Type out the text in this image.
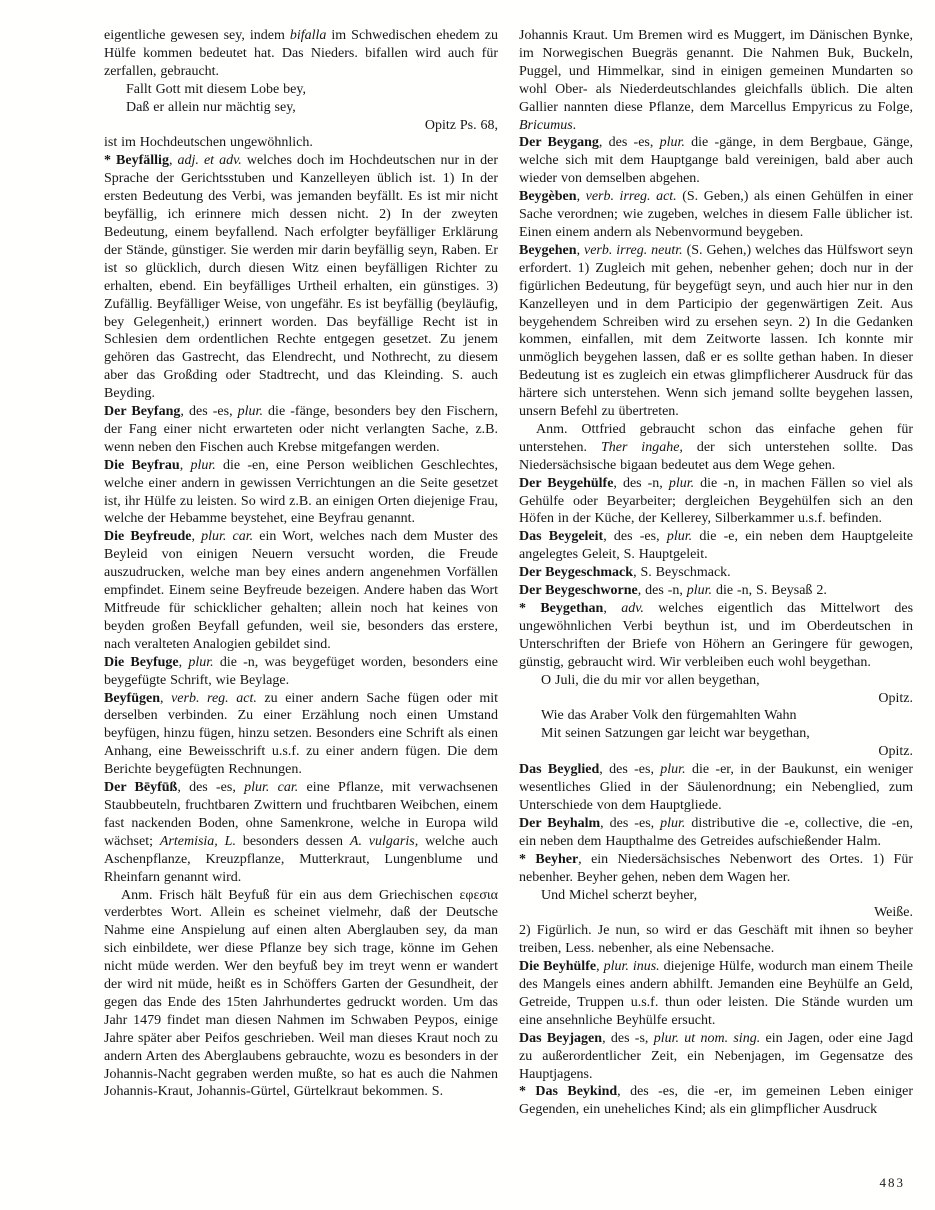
eigentliche gewesen sey, indem bifalla im Schwedischen ehedem zu Hülfe kommen bedeutet hat. Das Nieders. bifallen wird auch für zerfallen, gebraucht.

Fallt Gott mit diesem Lobe bey,

Daß er allein nur mächtig sey,

Opitz Ps. 68,

ist im Hochdeutschen ungewöhnlich.

* Beyfällig, adj. et adv. welches doch im Hochdeutschen nur in der Sprache der Gerichtsstuben und Kanzelleyen üblich ist. 1) In der ersten Bedeutung des Verbi, was jemanden beyfällt. Es ist mir nicht beyfällig, ich erinnere mich dessen nicht. 2) In der zweyten Bedeutung, einem beyfallend. Nach erfolgter beyfälliger Erklärung der Stände, günstiger. Sie werden mir darin beyfällig seyn, Raben. Er ist so glücklich, durch diesen Witz einen beyfälligen Richter zu erhalten, ebend. Ein beyfälliges Urtheil erhalten, ein günstiges. 3) Zufällig. Beyfälliger Weise, von ungefähr. Es ist beyfällig (beyläufig, bey Gelegenheit,) erinnert worden. Das beyfällige Recht ist in Schlesien dem ordentlichen Rechte entgegen gesetzet. Zu jenem gehören das Gastrecht, das Elendrecht, und Nothrecht, zu diesem aber das Großding oder Stadtrecht, und das Kleinding. S. auch Beyding.

Der Beyfang, des -es, plur. die -fänge, besonders bey den Fischern, der Fang einer nicht erwarteten oder nicht verlangten Sache, z.B. wenn neben den Fischen auch Krebse mitgefangen werden.

Die Beyfrau, plur. die -en, eine Person weiblichen Geschlechtes, welche einer andern in gewissen Verrichtungen an die Seite gesetzet ist, ihr Hülfe zu leisten. So wird z.B. an einigen Orten diejenige Frau, welche der Hebamme beystehet, eine Beyfrau genannt.

Die Beyfreude, plur. car. ein Wort, welches nach dem Muster des Beyleid von einigen Neuern versucht worden, die Freude auszudrucken, welche man bey eines andern angenehmen Vorfällen empfindet. Einem seine Beyfreude bezeigen. Andere haben das Wort Mitfreude für schicklicher gehalten; allein noch hat keines von beyden großen Beyfall gefunden, weil sie, besonders das erstere, nach veralteten Analogien gebildet sind.

Die Beyfuge, plur. die -n, was beygefüget worden, besonders eine beygefügte Schrift, wie Beylage.

Beyfügen, verb. reg. act. zu einer andern Sache fügen oder mit derselben verbinden. Zu einer Erzählung noch einen Umstand beyfügen, hinzu fügen, hinzu setzen. Besonders eine Schrift als einen Anhang, eine Beweisschrift u.s.f. zu einer andern fügen. Die dem Berichte beygefügten Rechnungen.

Der Bēyfūß, des -es, plur. car. eine Pflanze, mit verwachsenen Staubbeuteln, fruchtbaren Zwittern und fruchtbaren Weibchen, einem fast nackenden Boden, ohne Samenkrone, welche in Europa wild wächset; Artemisia, L. besonders dessen A. vulgaris, welche auch Aschenpflanze, Kreuzpflanze, Mutterkraut, Lungenblume und Rheinfarn genannt wird.

Anm. Frisch hält Beyfuß für ein aus dem Griechischen εφεσια verderbtes Wort. Allein es scheinet vielmehr, daß der Deutsche Nahme eine Anspielung auf einen alten Aberglauben sey, da man sich einbildete, wer diese Pflanze bey sich trage, könne im Gehen nicht müde werden. Wer den beyfuß bey im treyt wenn er wandert der wird nit müde, heißt es in Schöffers Garten der Gesundheit, der gegen das Ende des 15ten Jahrhundertes gedruckt worden. Um das Jahr 1479 findet man diesen Nahmen im Schwaben Peypos, einige Jahre später aber Peifos geschrieben. Weil man dieses Kraut noch zu andern Arten des Aberglaubens gebrauchte, wozu es besonders in der Johannis-Nacht gegraben werden mußte, so hat es auch die Nahmen Johannis-Kraut, Johannis-Gürtel, Gürtelkraut bekommen. S.

Johannis Kraut. Um Bremen wird es Muggert, im Dänischen Bynke, im Norwegischen Buegräs genannt. Die Nahmen Buk, Buckeln, Puggel, und Himmelkar, sind in einigen gemeinen Mundarten so wohl Ober- als Niederdeutschlandes gleichfalls üblich. Die alten Gallier nannten diese Pflanze, dem Marcellus Empyricus zu Folge, Bricumus.

Der Beygang, des -es, plur. die -gänge, in dem Bergbaue, Gänge, welche sich mit dem Hauptgange bald vereinigen, bald aber auch wieder von demselben abgehen.

Beygèben, verb. irreg. act. (S. Geben,) als einen Gehülfen in einer Sache verordnen; wie zugeben, welches in diesem Falle üblicher ist. Einen einem andern als Nebenvormund beygeben.

Beygehen, verb. irreg. neutr. (S. Gehen,) welches das Hülfswort seyn erfordert. 1) Zugleich mit gehen, nebenher gehen; doch nur in der figürlichen Bedeutung, für beygefügt seyn, und auch hier nur in den Kanzelleyen und in dem Participio der gegenwärtigen Zeit. Aus beygehendem Schreiben wird zu ersehen seyn. 2) In die Gedanken kommen, einfallen, mit dem Zeitworte lassen. Ich konnte mir unmöglich beygehen lassen, daß er es sollte gethan haben. In dieser Bedeutung ist es zugleich ein etwas glimpflicherer Ausdruck für das härtere sich unterstehen. Wenn sich jemand sollte beygehen lassen, unsern Befehl zu übertreten.

Anm. Ottfried gebraucht schon das einfache gehen für unterstehen. Ther ingahe, der sich unterstehen sollte. Das Niedersächsische bigaan bedeutet aus dem Wege gehen.

Der Beygehülfe, des -n, plur. die -n, in machen Fällen so viel als Gehülfe oder Beyarbeiter; dergleichen Beygehülfen sich an den Höfen in der Küche, der Kellerey, Silberkammer u.s.f. befinden.

Das Beygeleit, des -es, plur. die -e, ein neben dem Hauptgeleite angelegtes Geleit, S. Hauptgeleit.

Der Beygeschmack, S. Beyschmack.

Der Beygeschworne, des -n, plur. die -n, S. Beysaß 2.

* Beygethan, adv. welches eigentlich das Mittelwort des ungewöhnlichen Verbi beythun ist, und im Oberdeutschen in Unterschriften der Briefe von Höhern an Geringere für gewogen, günstig, gebraucht wird. Wir verbleiben euch wohl beygethan.

O Juli, die du mir vor allen beygethan,

Opitz.

Wie das Araber Volk den fürgemahlten Wahn

Mit seinen Satzungen gar leicht war beygethan,

Opitz.

Das Beyglied, des -es, plur. die -er, in der Baukunst, ein weniger wesentliches Glied in der Säulenordnung; ein Nebenglied, zum Unterschiede von dem Hauptgliede.

Der Beyhalm, des -es, plur. distributive die -e, collective, die -en, ein neben dem Haupthalme des Getreides aufschießender Halm.

* Beyher, ein Niedersächsisches Nebenwort des Ortes. 1) Für nebenher. Beyher gehen, neben dem Wagen her.

Und Michel scherzt beyher,

Weiße.

2) Figürlich. Je nun, so wird er das Geschäft mit ihnen so beyher treiben, Less. nebenher, als eine Nebensache.

Die Beyhülfe, plur. inus. diejenige Hülfe, wodurch man einem Theile des Mangels eines andern abhilft. Jemanden eine Beyhülfe an Geld, Getreide, Truppen u.s.f. thun oder leisten. Die Stände wurden um eine ansehnliche Beyhülfe ersucht.

Das Beyjagen, des -s, plur. ut nom. sing. ein Jagen, oder eine Jagd zu außerordentlicher Zeit, ein Nebenjagen, im Gegensatze des Hauptjagens.

* Das Beykind, des -es, die -er, im gemeinen Leben einiger Gegenden, ein uneheliches Kind; als ein glimpflicher Ausdruck

483
